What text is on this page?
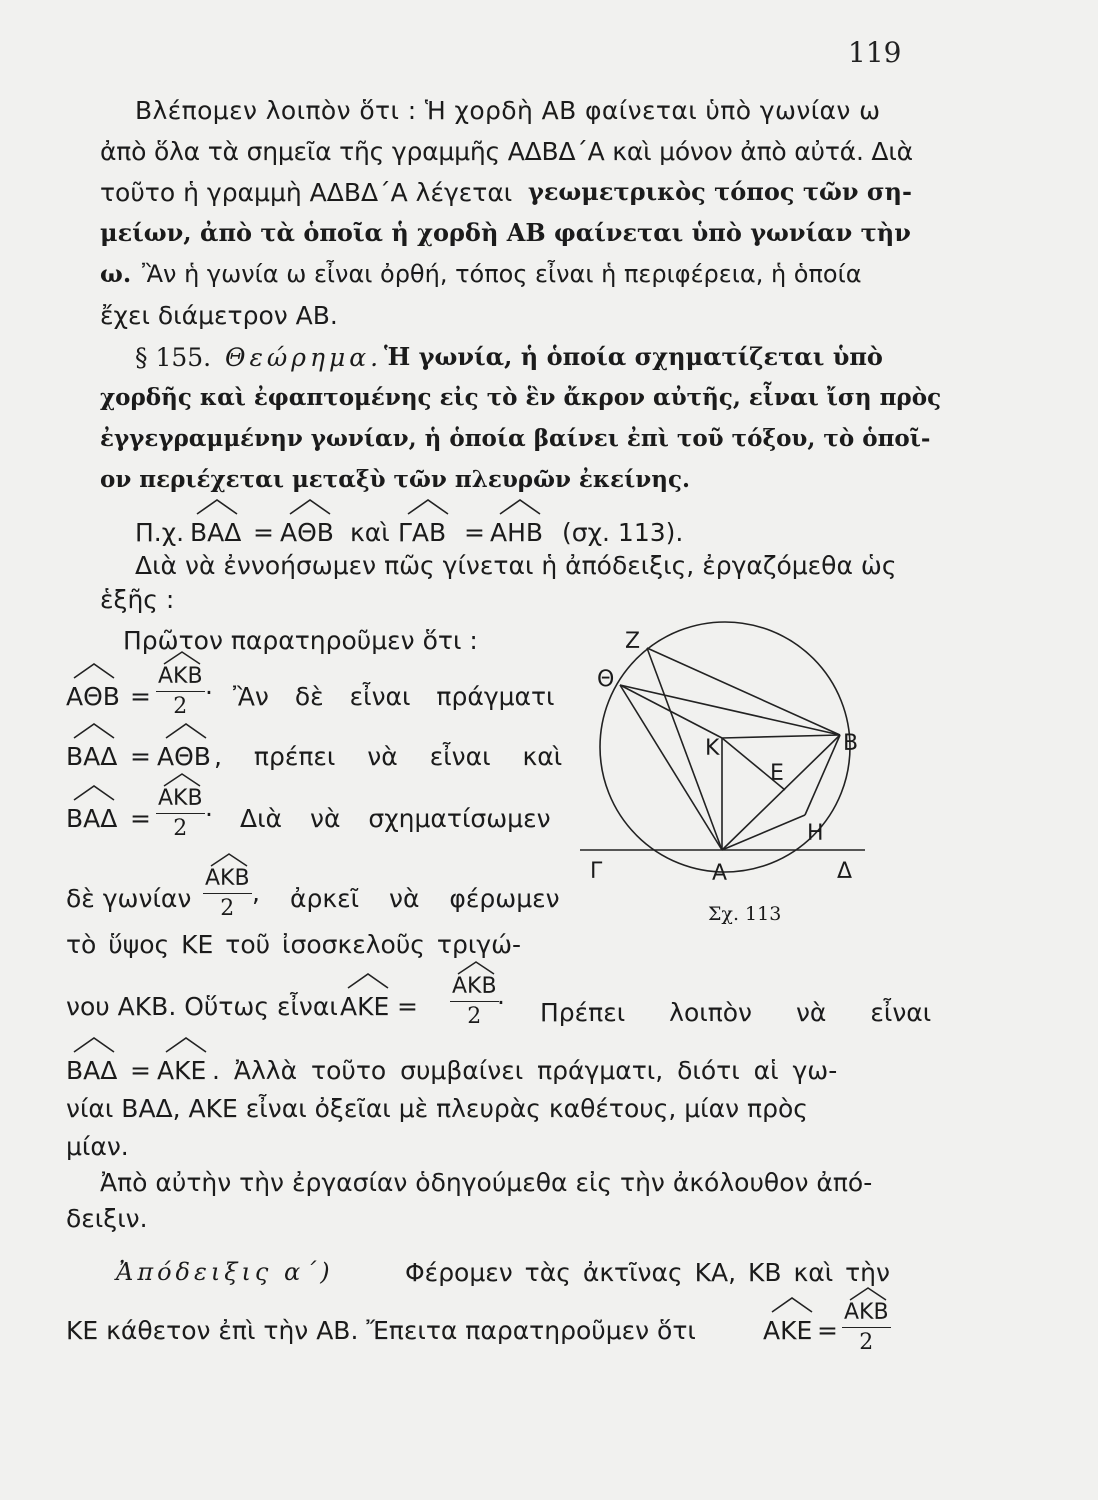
119
Βλέπομεν λοιπὸν ὅτι : Ἡ χορδὴ ΑΒ φαίνεται ὑπὸ γωνίαν ω
ἀπὸ ὅλα τὰ σημεῖα τῆς γραμμῆς ΑΔΒΔ΄Α καὶ μόνον ἀπὸ αὐτά. Διὰ
τοῦτο ἡ γραμμὴ ΑΔΒΔ΄Α λέγεται γεωμετρικὸς τόπος τῶν ση-
μείων, ἀπὸ τὰ ὁποῖα ἡ χορδὴ ΑΒ φαίνεται ὑπὸ γωνίαν τὴν
ω. Ἂν ἡ γωνία ω εἶναι ὀρθή, τόπος εἶναι ἡ περιφέρεια, ἡ ὁποία
ἔχει διάμετρον ΑΒ.
§ 155. Θεώρημα. Ἡ γωνία, ἡ ὁποία σχηματίζεται ὑπὸ
χορδῆς καὶ ἐφαπτομένης εἰς τὸ ἓν ἄκρον αὐτῆς, εἶναι ἴση πρὸς
ἐγγεγραμμένην γωνίαν, ἡ ὁποία βαίνει ἐπὶ τοῦ τόξου, τὸ ὁποῖ-
ον περιέχεται μεταξὺ τῶν πλευρῶν ἐκείνης.
Π.χ. ΒΑΔ = ΑΘΒ καὶ ΓΑΒ = ΑΗΒ (σχ. 113).
Διὰ νὰ ἐννοήσωμεν πῶς γίνεται ἡ ἀπόδειξις, ἐργαζόμεθα ὡς
ἑξῆς :
Πρῶτον παρατηροῦμεν ὅτι :
ΑΘΒ =
ΑΚΒ
2 · Ἂν δὲ εἶναι πράγματι
ΒΑΔ = ΑΘΒ , πρέπει νὰ εἶναι καὶ
ΒΑΔ =
ΑΚΒ
2 · Διὰ νὰ σχηματίσωμεν
δὲ γωνίαν
ΑΚΒ
2
, ἀρκεῖ νὰ φέρωμεν
τὸ ὕψος ΚΕ τοῦ ἰσοσκελοῦς τριγώ-
νου ΑΚΒ. Οὕτως εἶναι ΑΚΕ =
ΑΚΒ
2 · Πρέπει λοιπὸν νὰ εἶναι
ΒΑΔ = ΑΚΕ . Ἀλλὰ τοῦτο συμβαίνει πράγματι, διότι αἱ γω-
νίαι ΒΑΔ, ΑΚΕ εἶναι ὀξεῖαι μὲ πλευρὰς καθέτους, μίαν πρὸς
μίαν.
Ἀπὸ αὐτὴν τὴν ἐργασίαν ὁδηγούμεθα εἰς τὴν ἀκόλουθον ἀπό-
δειξιν.
Ἀπόδειξις α΄)	Φέρομεν τὰς ἀκτῖνας ΚΑ, ΚΒ καὶ τὴν
ΚΕ κάθετον ἐπὶ τὴν ΑΒ. Ἔπειτα παρατηροῦμεν ὅτι	ΑΚΕ =
ΑΚΒ
2
Ζ
Θ
Κ	Β
Ε
Η
Γ	Α	Δ
Σχ. 113
